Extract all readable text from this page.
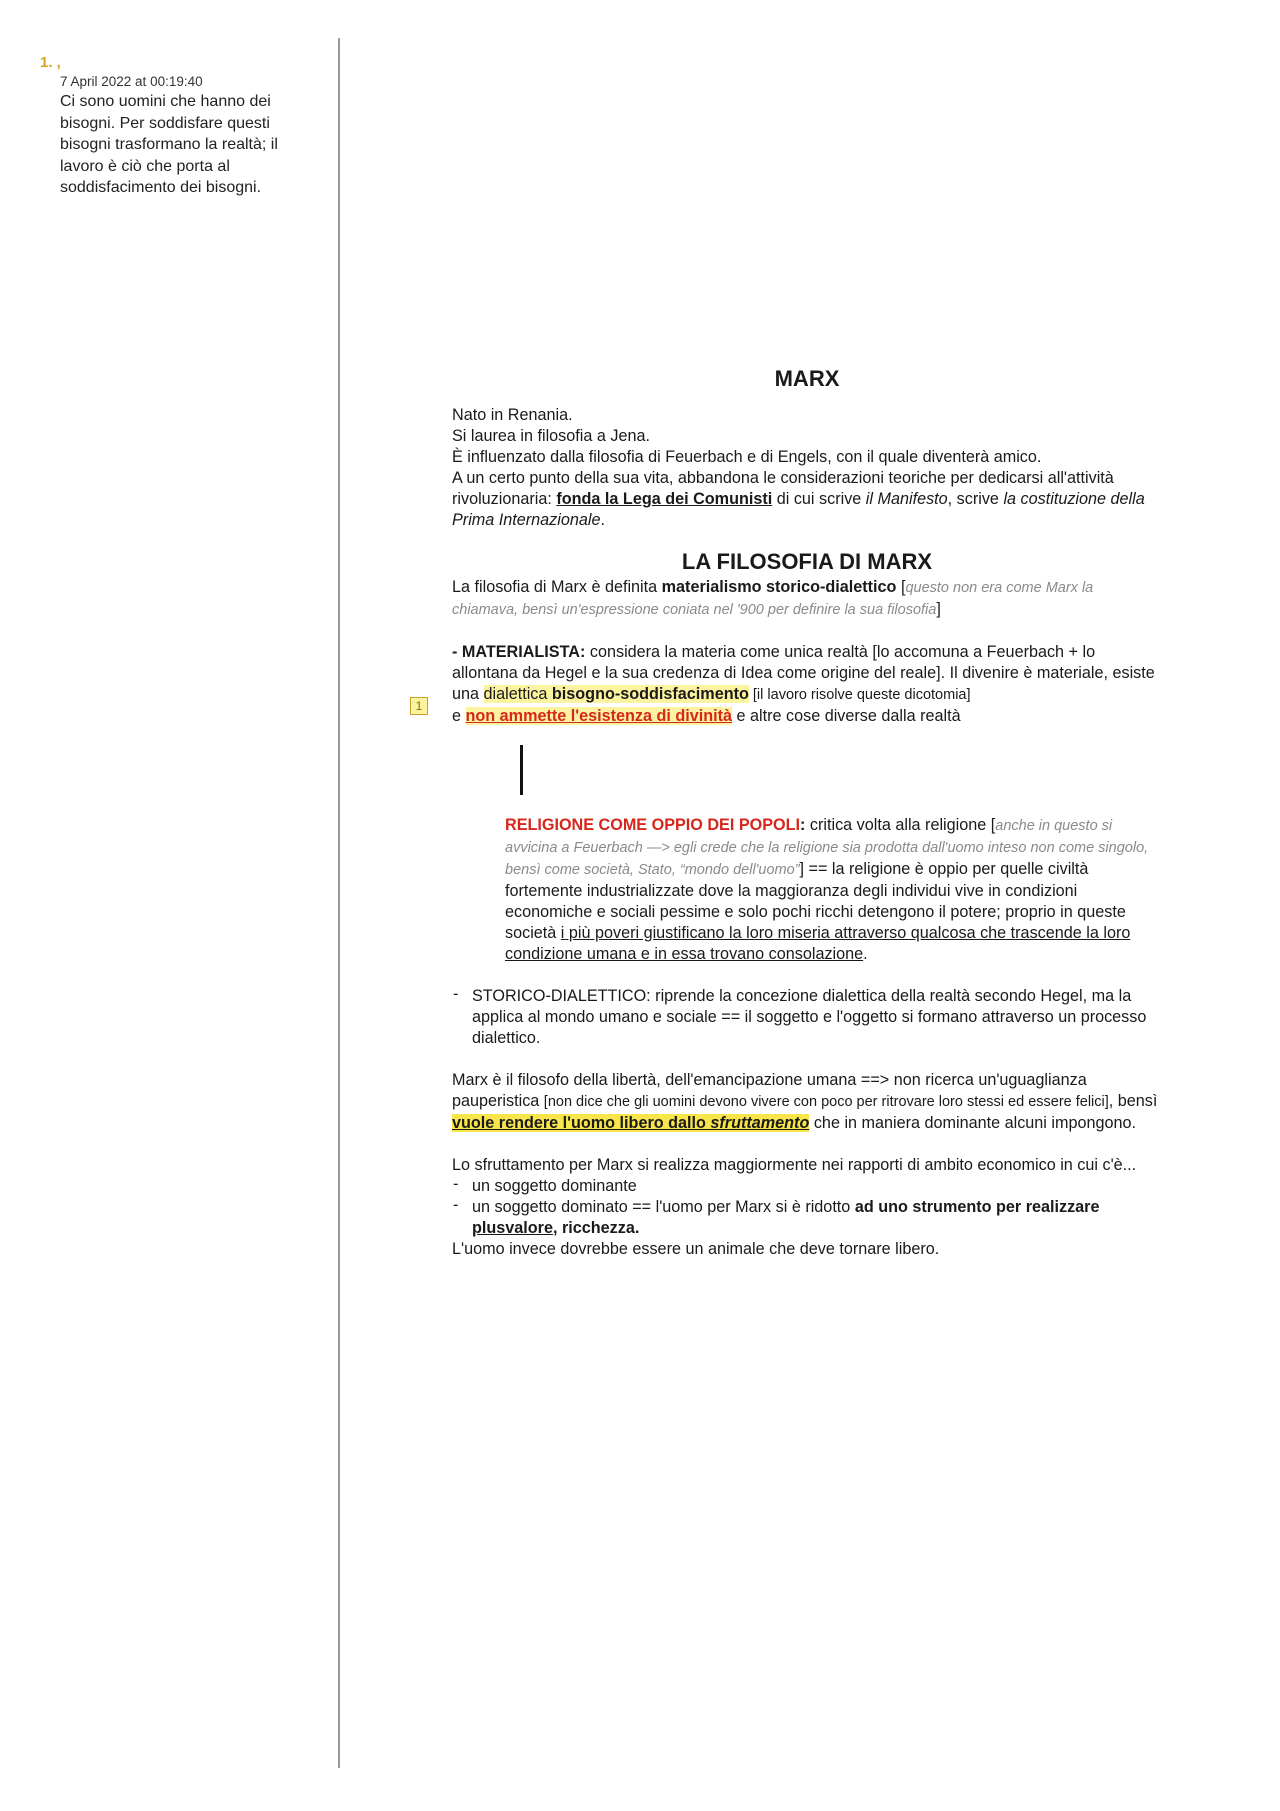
1. ,
7 April 2022 at 00:19:40
Ci sono uomini che hanno dei bisogni. Per soddisfare questi bisogni trasformano la realtà; il lavoro è ciò che porta al soddisfacimento dei bisogni.
1
MARX

Nato in Renania.

Si laurea in filosofia a Jena.

È influenzato dalla filosofia di Feuerbach e di Engels, con il quale diventerà amico.

A un certo punto della sua vita, abbandona le considerazioni teoriche per dedicarsi all'attività rivoluzionaria: fonda la Lega dei Comunisti di cui scrive il Manifesto, scrive la costituzione della Prima Internazionale.

LA FILOSOFIA DI MARX

La filosofia di Marx è definita materialismo storico-dialettico [questo non era come Marx la chiamava, bensì un'espressione coniata nel '900 per definire la sua filosofia]

- MATERIALISTA: considera la materia come unica realtà [lo accomuna a Feuerbach + lo allontana da Hegel e la sua credenza di Idea come origine del reale]. Il divenire è materiale, esiste una dialettica bisogno-soddisfacimento [il lavoro risolve queste dicotomia]
e non ammette l'esistenza di divinità e altre cose diverse dalla realtà

RELIGIONE COME OPPIO DEI POPOLI: critica volta alla religione [anche in questo si avvicina a Feuerbach —> egli crede che la religione sia prodotta dall'uomo inteso non come singolo, bensì come società, Stato, “mondo dell'uomo”] == la religione è oppio per quelle civiltà fortemente industrializzate dove la maggioranza degli individui vive in condizioni economiche e sociali pessime e solo pochi ricchi detengono il potere; proprio in queste società i più poveri giustificano la loro miseria attraverso qualcosa che trascende la loro condizione umana e in essa trovano consolazione.

- STORICO-DIALETTICO: riprende la concezione dialettica della realtà secondo Hegel, ma la applica al mondo umano e sociale == il soggetto e l'oggetto si formano attraverso un processo dialettico.

Marx è il filosofo della libertà, dell'emancipazione umana ==> non ricerca un'uguaglianza pauperistica [non dice che gli uomini devono vivere con poco per ritrovare loro stessi ed essere felici], bensì vuole rendere l'uomo libero dallo sfruttamento che in maniera dominante alcuni impongono.

Lo sfruttamento per Marx si realizza maggiormente nei rapporti di ambito economico in cui c'è...

- un soggetto dominante
- un soggetto dominato == l'uomo per Marx si è ridotto ad uno strumento per realizzare plusvalore, ricchezza.

L'uomo invece dovrebbe essere un animale che deve tornare libero.
